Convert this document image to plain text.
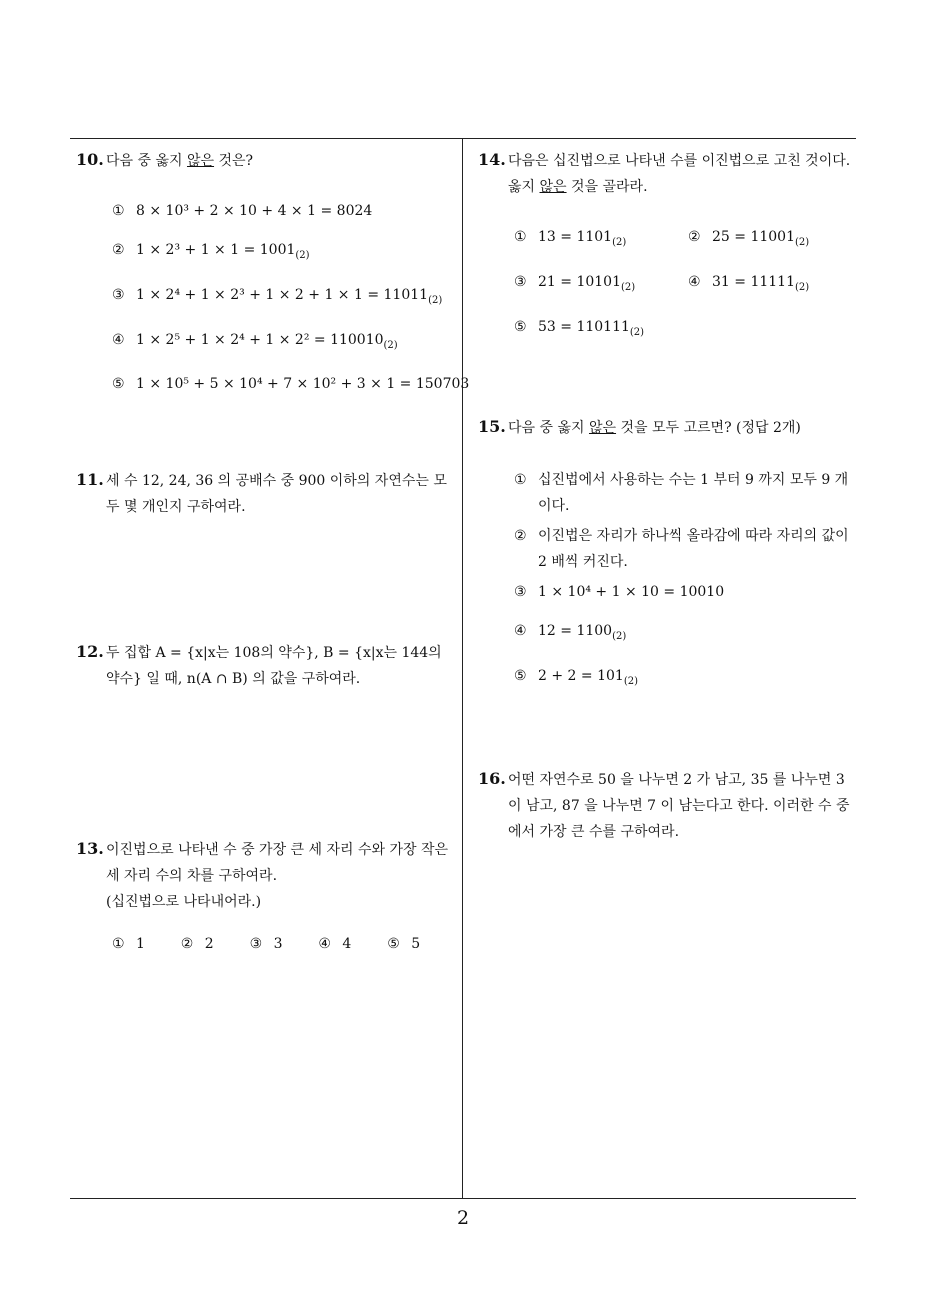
10. 다음 중 옳지 않은 것은?
① 8 × 10³ + 2 × 10 + 4 × 1 = 8024
② $1 \times 2^3 + 1 \times 1 = 1001_{(2)}$
③ $1 \times 2^4 + 1 \times 2^3 + 1 \times 2 + 1 \times 1 = 11011_{(2)}$
④ $1 \times 2^5 + 1 \times 2^4 + 1 \times 2^2 = 110010_{(2)}$
⑤ 1 × 10⁵ + 5 × 10⁴ + 7 × 10² + 3 × 1 = 150703
11. 세 수 12, 24, 36 의 공배수 중 900 이하의 자연수는 모두 몇 개인지 구하여라.
12. 두 집합 A = {x|x는 108의 약수}, B = {x|x는 144의 약수} 일 때, n(A ∩ B) 의 값을 구하여라.
13. 이진법으로 나타낸 수 중 가장 큰 세 자리 수와 가장 작은 세 자리 수의 차를 구하여라.
(십진법으로 나타내어라.)
① 1	② 2	③ 3	④ 4	⑤ 5
14. 다음은 십진법으로 나타낸 수를 이진법으로 고친 것이다. 옳지 않은 것을 골라라.
① $13 = 1101_{(2)}$	② $25 = 11001_{(2)}$
③ $21 = 10101_{(2)}$	④ $31 = 11111_{(2)}$
⑤ $53 = 110111_{(2)}$
15. 다음 중 옳지 않은 것을 모두 고르면? (정답 2개)
① 십진법에서 사용하는 수는 1 부터 9 까지 모두 9 개이다.
② 이진법은 자리가 하나씩 올라감에 따라 자리의 값이 2 배씩 커진다.
③ 1 × 10⁴ + 1 × 10 = 10010
④ $12 = 1100_{(2)}$
⑤ $2 + 2 = 101_{(2)}$
16. 어떤 자연수로 50 을 나누면 2 가 남고, 35 를 나누면 3 이 남고, 87 을 나누면 7 이 남는다고 한다. 이러한 수 중에서 가장 큰 수를 구하여라.
2
